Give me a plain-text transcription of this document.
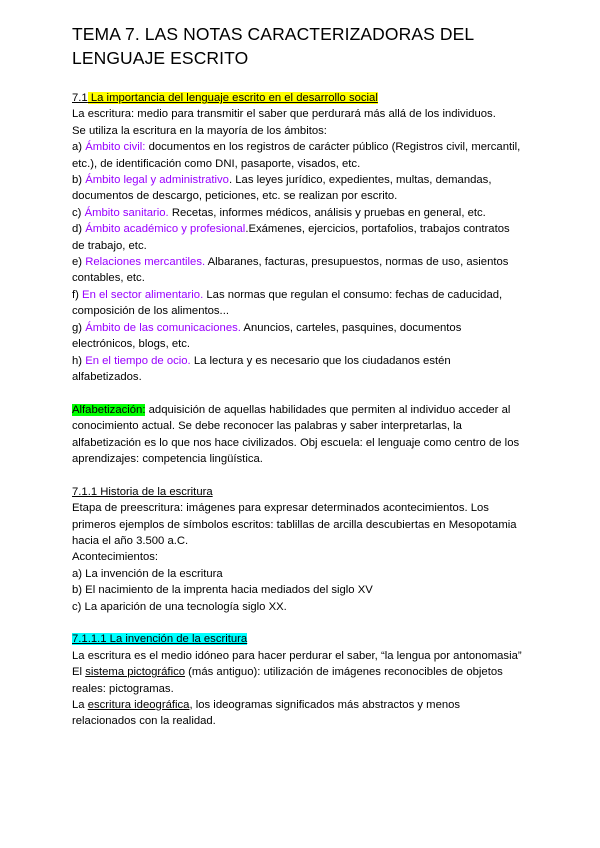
TEMA 7. LAS NOTAS CARACTERIZADORAS DEL
LENGUAJE ESCRITO

7.1 La importancia del lenguaje escrito en el desarrollo social

La escritura: medio para transmitir el saber que perdurará más allá de los individuos.

Se utiliza la escritura en la mayoría de los ámbitos:

a) Ámbito civil: documentos en los registros de carácter público (Registros civil, mercantil, etc.), de identificación como DNI, pasaporte, visados, etc.

b) Ámbito legal y administrativo. Las leyes jurídico, expedientes, multas, demandas, documentos de descargo, peticiones, etc. se realizan por escrito.

c) Ámbito sanitario. Recetas, informes médicos, análisis y pruebas en general, etc.

d) Ámbito académico y profesional.Exámenes, ejercicios, portafolios, trabajos contratos de trabajo, etc.

e) Relaciones mercantiles. Albaranes, facturas, presupuestos, normas de uso, asientos contables, etc.

f) En el sector alimentario. Las normas que regulan el consumo: fechas de caducidad, composición de los alimentos...

g) Ámbito de las comunicaciones. Anuncios, carteles, pasquines, documentos electrónicos, blogs, etc.

h) En el tiempo de ocio. La lectura y es necesario que los ciudadanos estén alfabetizados.

Alfabetización: adquisición de aquellas habilidades que permiten al individuo acceder al conocimiento actual. Se debe reconocer las palabras y saber interpretarlas, la alfabetización es lo que nos hace civilizados. Obj escuela: el lenguaje como centro de los aprendizajes: competencia lingüística.

7.1.1 Historia de la escritura

Etapa de preescritura: imágenes para expresar determinados acontecimientos. Los primeros ejemplos de símbolos escritos: tablillas de arcilla descubiertas en Mesopotamia hacia el año 3.500 a.C.

Acontecimientos:

a) La invención de la escritura

b) El nacimiento de la imprenta hacia mediados del siglo XV

c) La aparición de una tecnología siglo XX.

7.1.1.1 La invención de la escritura

La escritura es el medio idóneo para hacer perdurar el saber, “la lengua por antonomasia”

El sistema pictográfico (más antiguo): utilización de imágenes reconocibles de objetos reales: pictogramas.

La escritura ideográfica, los ideogramas significados más abstractos y menos relacionados con la realidad.
